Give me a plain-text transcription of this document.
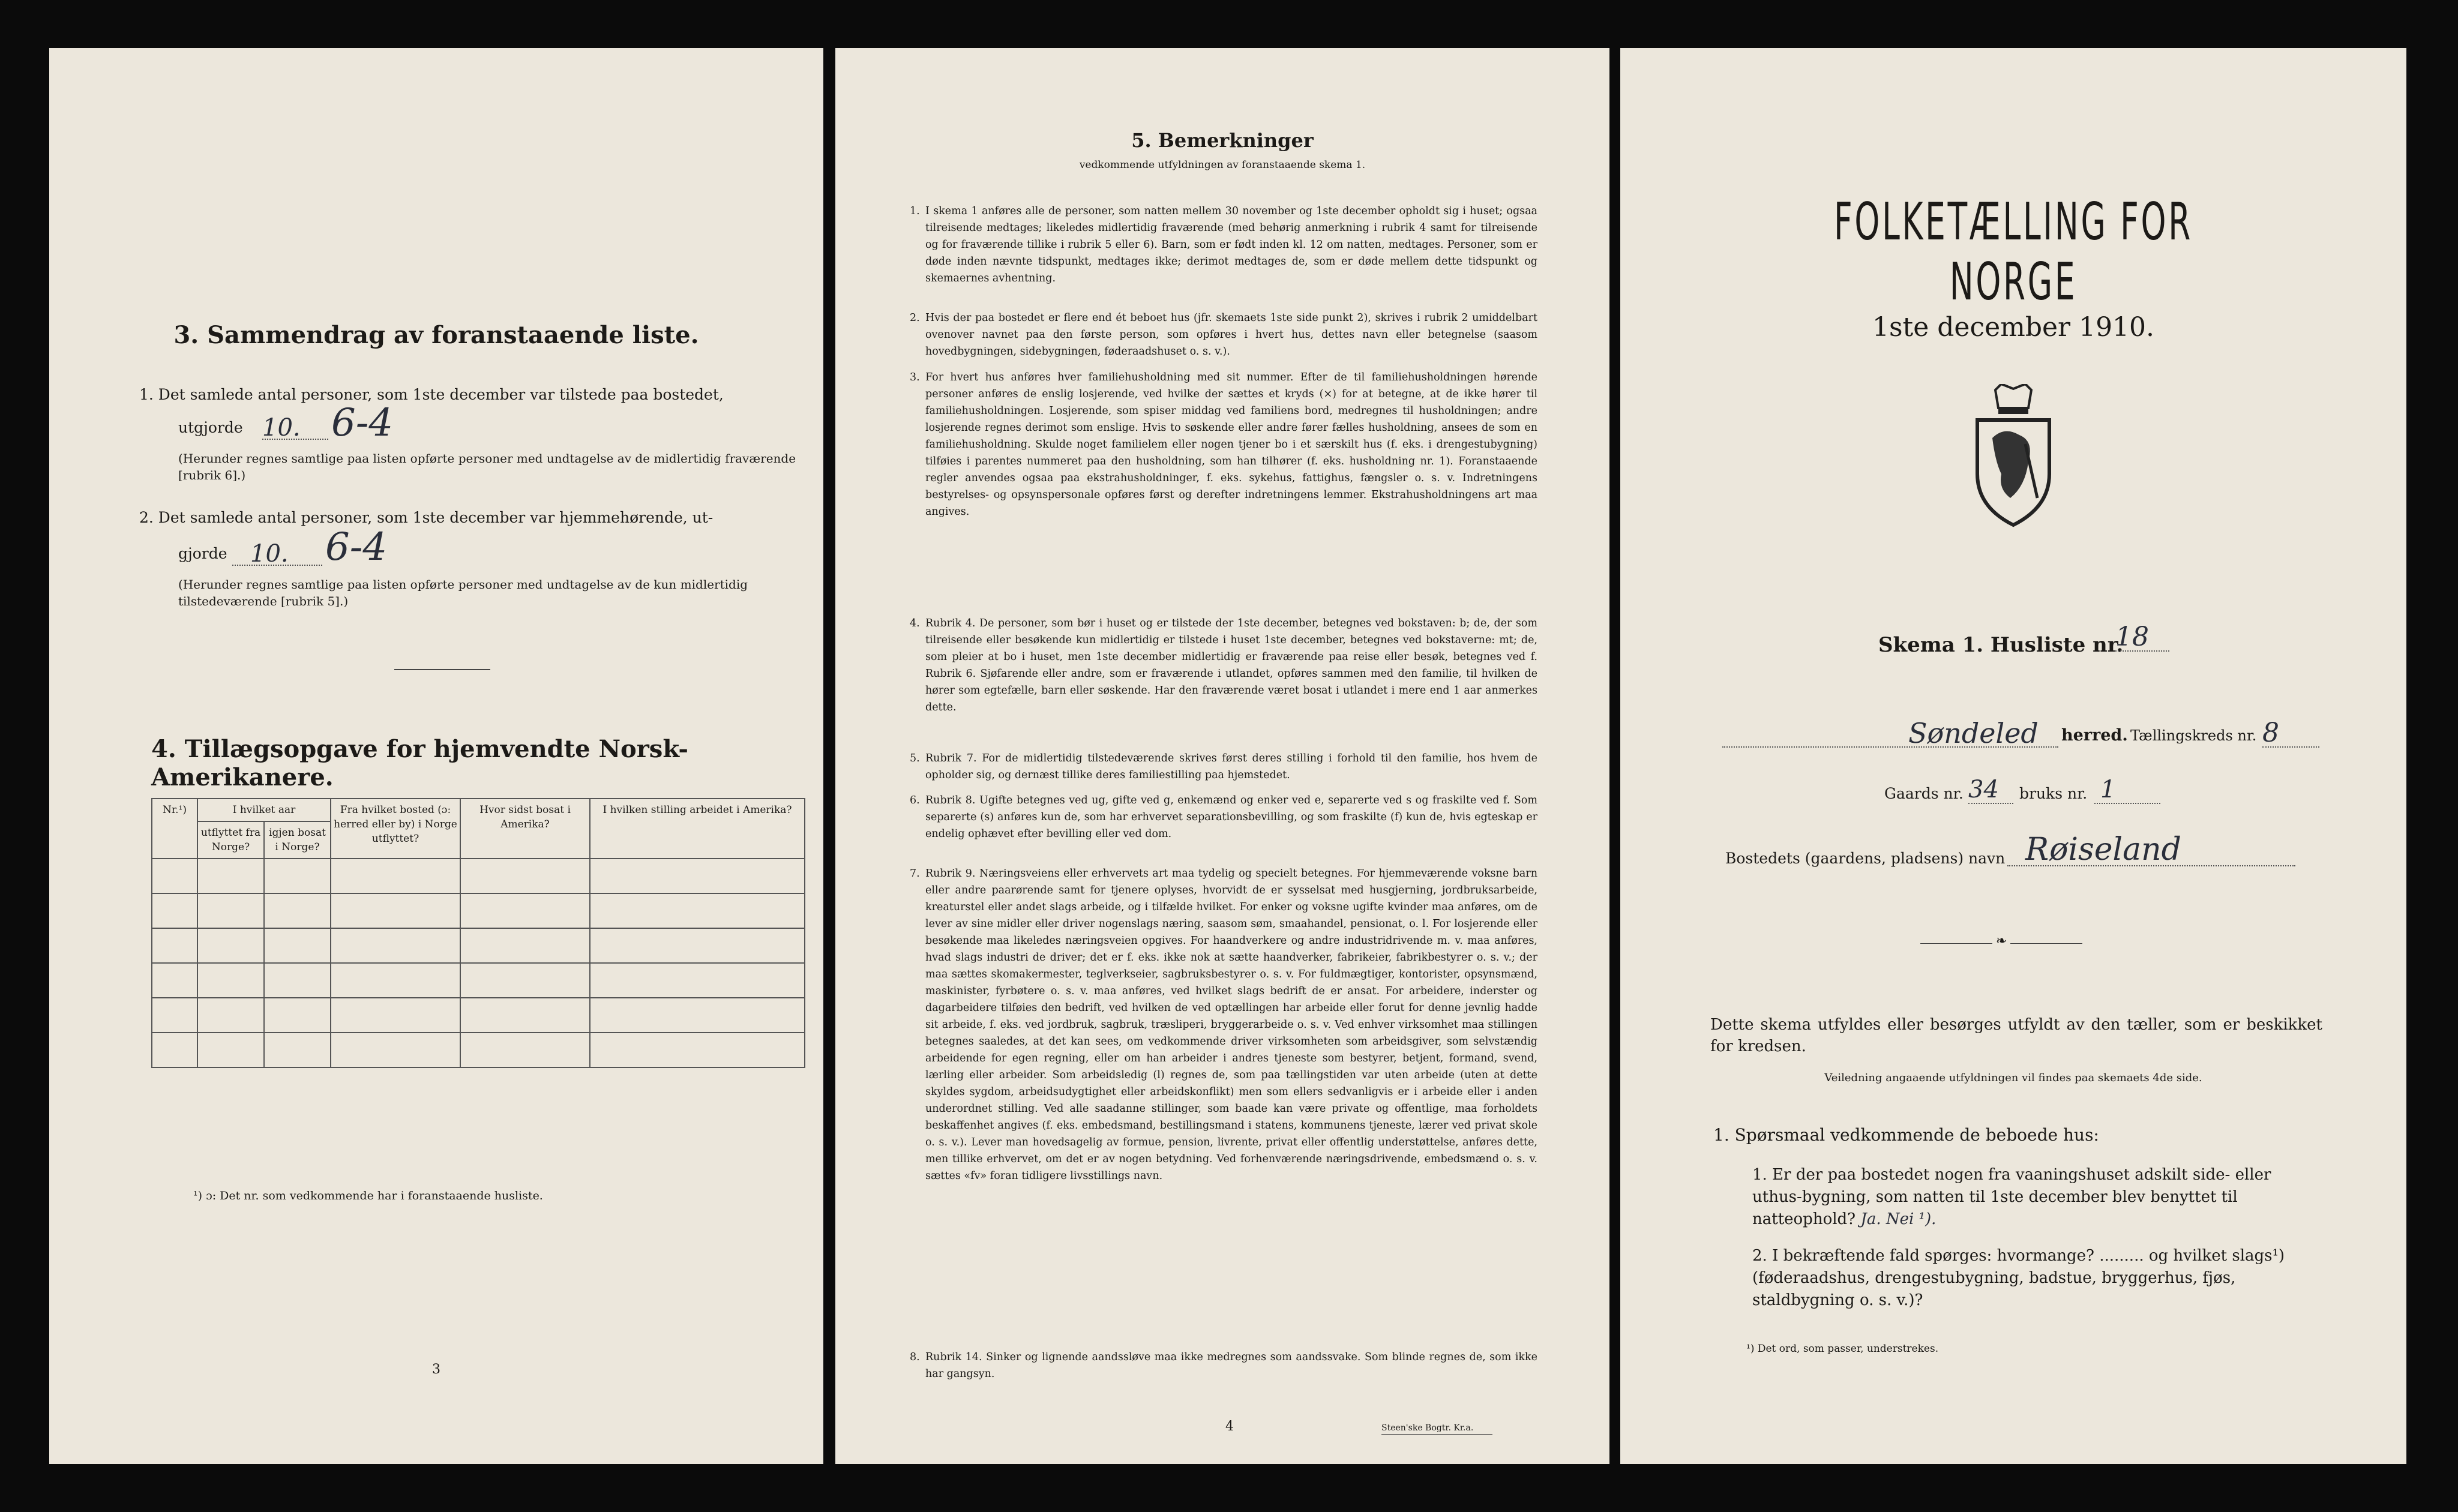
3. Sammendrag av foranstaaende liste.
1. Det samlede antal personer, som 1ste december var tilstede paa bostedet,
utgjorde 10. 6-4
(Herunder regnes samtlige paa listen opførte personer med undtagelse av de midlertidig fraværende [rubrik 6].)
2. Det samlede antal personer, som 1ste december var hjemmehørende, ut-
gjorde 10. 6-4
(Herunder regnes samtlige paa listen opførte personer med undtagelse av de kun midlertidig tilstedeværende [rubrik 5].)
4. Tillægsopgave for hjemvendte Norsk-Amerikanere.
Nr.¹)	I hvilket aar		Fra hvilket bosted (ɔ: herred eller by) i Norge utflyttet?	Hvor sidst bosat i Amerika?	I hvilken stilling arbeidet i Amerika?
	utflyttet fra Norge?	igjen bosat i Norge?			

¹) ɔ: Det nr. som vedkommende har i foranstaaende husliste.
3
5. Bemerkninger
vedkommende utfyldningen av foranstaaende skema 1.
1. I skema 1 anføres alle de personer, som natten mellem 30 november og 1ste december opholdt sig i huset; ogsaa tilreisende medtages; likeledes midlertidig fraværende (med behørig anmerkning i rubrik 4 samt for tilreisende og for fraværende tillike i rubrik 5 eller 6). Barn, som er født inden kl. 12 om natten, medtages. Personer, som er døde inden nævnte tidspunkt, medtages ikke; derimot medtages de, som er døde mellem dette tidspunkt og skemaernes avhentning.
2. Hvis der paa bostedet er flere end ét beboet hus (jfr. skemaets 1ste side punkt 2), skrives i rubrik 2 umiddelbart ovenover navnet paa den første person, som opføres i hvert hus, dettes navn eller betegnelse (saasom hovedbygningen, sidebygningen, føderaadshuset o. s. v.).
3. For hvert hus anføres hver familiehusholdning med sit nummer. Efter de til familiehusholdningen hørende personer anføres de enslig losjerende, ved hvilke der sættes et kryds (×) for at betegne, at de ikke hører til familiehusholdningen. Losjerende, som spiser middag ved familiens bord, medregnes til husholdningen; andre losjerende regnes derimot som enslige. Hvis to søskende eller andre fører fælles husholdning, ansees de som en familiehusholdning. Skulde noget familielem eller nogen tjener bo i et særskilt hus (f. eks. i drengestubygning) tilføies i parentes nummeret paa den husholdning, som han tilhører (f. eks. husholdning nr. 1). Foranstaaende regler anvendes ogsaa paa ekstrahusholdninger, f. eks. sykehus, fattighus, fængsler o. s. v. Indretningens bestyrelses- og opsynspersonale opføres først og derefter indretningens lemmer. Ekstrahusholdningens art maa angives.
4. Rubrik 4. De personer, som bør i huset og er tilstede der 1ste december, betegnes ved bokstaven: b; de, der som tilreisende eller besøkende kun midlertidig er tilstede i huset 1ste december, betegnes ved bokstaverne: mt; de, som pleier at bo i huset, men 1ste december midlertidig er fraværende paa reise eller besøk, betegnes ved f. Rubrik 6. Sjøfarende eller andre, som er fraværende i utlandet, opføres sammen med den familie, til hvilken de hører som egtefælle, barn eller søskende. Har den fraværende været bosat i utlandet i mere end 1 aar anmerkes dette.
5. Rubrik 7. For de midlertidig tilstedeværende skrives først deres stilling i forhold til den familie, hos hvem de opholder sig, og dernæst tillike deres familiestilling paa hjemstedet.
6. Rubrik 8. Ugifte betegnes ved ug, gifte ved g, enkemænd og enker ved e, separerte ved s og fraskilte ved f. Som separerte (s) anføres kun de, som har erhvervet separationsbevilling, og som fraskilte (f) kun de, hvis egteskap er endelig ophævet efter bevilling eller ved dom.
7. Rubrik 9. Næringsveiens eller erhvervets art maa tydelig og specielt betegnes. For hjemmeværende voksne barn eller andre paarørende samt for tjenere oplyses, hvorvidt de er sysselsat med husgjerning, jordbruksarbeide, kreaturstel eller andet slags arbeide, og i tilfælde hvilket. For enker og voksne ugifte kvinder maa anføres, om de lever av sine midler eller driver nogenslags næring, saasom søm, smaahandel, pensionat, o. l. For losjerende eller besøkende maa likeledes næringsveien opgives. For haandverkere og andre industridrivende m. v. maa anføres, hvad slags industri de driver; det er f. eks. ikke nok at sætte haandverker, fabrikeier, fabrikbestyrer o. s. v.; der maa sættes skomakermester, teglverkseier, sagbruksbestyrer o. s. v. For fuldmægtiger, kontorister, opsynsmænd, maskinister, fyrbøtere o. s. v. maa anføres, ved hvilket slags bedrift de er ansat. For arbeidere, inderster og dagarbeidere tilføies den bedrift, ved hvilken de ved optællingen har arbeide eller forut for denne jevnlig hadde sit arbeide, f. eks. ved jordbruk, sagbruk, træsliperi, bryggerarbeide o. s. v. Ved enhver virksomhet maa stillingen betegnes saaledes, at det kan sees, om vedkommende driver virksomheten som arbeidsgiver, som selvstændig arbeidende for egen regning, eller om han arbeider i andres tjeneste som bestyrer, betjent, formand, svend, lærling eller arbeider. Som arbeidsledig (l) regnes de, som paa tællingstiden var uten arbeide (uten at dette skyldes sygdom, arbeidsudygtighet eller arbeidskonflikt) men som ellers sedvanligvis er i arbeide eller i anden underordnet stilling. Ved alle saadanne stillinger, som baade kan være private og offentlige, maa forholdets beskaffenhet angives (f. eks. embedsmand, bestillingsmand i statens, kommunens tjeneste, lærer ved privat skole o. s. v.). Lever man hovedsagelig av formue, pension, livrente, privat eller offentlig understøttelse, anføres dette, men tillike erhvervet, om det er av nogen betydning. Ved forhenværende næringsdrivende, embedsmænd o. s. v. sættes «fv» foran tidligere livsstillings navn.
8. Rubrik 14. Sinker og lignende aandssløve maa ikke medregnes som aandssvake. Som blinde regnes de, som ikke har gangsyn.
4	Steen'ske Bogtr. Kr.a.
FOLKETÆLLING FOR NORGE
1ste december 1910.
Skema 1. Husliste nr.
18
Søndeled	herred. Tællingskreds nr. 8
Gaards nr. 34	bruks nr. 1
Bostedets (gaardens, pladsens) navn Røiseland
❧
Dette skema utfyldes eller besørges utfyldt av den tæller, som er beskikket for kredsen.
Veiledning angaaende utfyldningen vil findes paa skemaets 4de side.
1. Spørsmaal vedkommende de beboede hus:
1. Er der paa bostedet nogen fra vaaningshuset adskilt side- eller uthus-bygning, som natten til 1ste december blev benyttet til natteophold? Ja. Nei ¹).
2. I bekræftende fald spørges: hvormange? ......... og hvilket slags¹) (føderaadshus, drengestubygning, badstue, bryggerhus, fjøs, staldbygning o. s. v.)?
¹) Det ord, som passer, understrekes.
